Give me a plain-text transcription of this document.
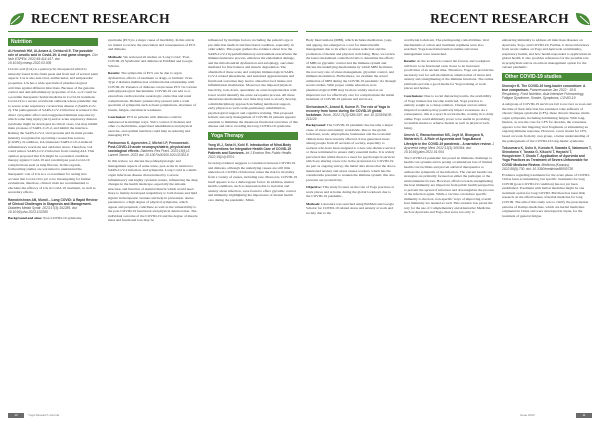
RECENT RESEARCH	RECENT RESEARCH
Nutrition
Al-Hurairah HM, Al-Amara A, Dehkordi E. The possible role of ursolic acid in Covid-19: A real game changer. Clin Nutr ESPEN. 2022;49:414-417. doi: 10.1016/j.clnesp.2022.03.009
Ursolic acid (UA) is a pentacyclic triterpenoid which is naturally found in the fruits peels and from leaf of several plant aspects. UA is also anti-viral, antibacterial, and antiparasitic properties. UA has a wide spectrum of pharmacological activities against different infections. Because of the genome control and anti-inflammatory properties of UA, so it could be a possible therapeutic herbal medicine in Covid-19 treatment. Covid-19 is a severe worldwide outbreak whose pandemic due to severe acute respiratory coronavirus disease 2 (SARS-CoV-2). The pathogenesis of SARS-CoV-2 infection is related to the direct cytopathic effect and exaggerated immune response by which some lung injury (ALI) and/or acute respiratory distress syndrome might be developed in critical cases. UA may inhibit main protease of SARS-CoV-2, and inhibit the interface. Raising the SARS-CoV-2 viral proteins and its main protein intensity recognized in upcoming coronavirus sources (CASEI). In addition, UA attenuates SARS-CoV-2-induced inflammatory reactions and oxidative stress. Therefore, UA could reduce SARS-CoV-2 infection from causing ALI. This opinion proposed that UA might be a potential candidate therapy against Covid-19 and can mitigate post-Covid-19 complications such as lung fibrosis. In this regards, forthcoming studies are warranted to understand the therapeutic role of UA as a co-treatment for testing into account that Covid-19 is yet to be investigating for further evaluations, therefore, clinical trials are recommended to elucidate the efficacy of UA in Covid-19 treatment, as well as secondary effects.
Ramakrishnan AB, Murali... Long COVID: A Rapid Review of Clinical Challenges in Diagnosis and Management. Diabetes Metab Syndr. 2023;17(3):102285. doi: 10.1016/j.dsx.2023.102285
Background and aims: Post-COVID-19 syndrome
syndrome (PCS) is a major cause of morbidity. In this article we intend to review the association and consequences of PCS and diabetes.
Methods: We reviewed all studies on 'Long Covid', 'Post-COVID-19 Syndrome' and diabetes in PubMed and Google Scholar.
Results: The symptoms of PCS can be due to organ dysfunction, effects of treatment or drugs, or intrinsic virus. Type 2 diabetes mellitus has a bidirectional relationship with COVID-19. Presence of diabetes can increase PCS via various pathophysiological mechanisms. COVID-19 can add to or exacerbate cardiovascular, neurologic, endocrine and renal complications. Diabetic patients may present with a wide spectrum of symptoms such as heart palpitations, shortness of breath, fatigue, and muscle weakness.
Conclusion: PCS in patients with diabetes could be understood in multiple ways. Strict control of diabetes and other co-morbidities, supervised rehabilitation and physical exercise, and optimal nutrition could help in reducing and managing PCS.
Pastoureau K, Agovestes J, Michel I-P, Pennaneach. Post-COVID-19 acute neuropsychiatric, physical and sociological effects. Diabetes Res Pract. 2023;19(1):2. Lancet Tanner. 2023 doi: 10.1007/s00100-020-02183-6
In this review, we discuss the pathophysiologic and management aspects of some acute, post-acute in relation to SARS-CoV-2 infection, and symptoms. Long Covid is a multi-organ infectious disease characterised by a severe inflammatory and highly cytokinic nature, influencing the deep changes in the health landscape, especially the amount, structure, and function of skeletal muscle which would need more to mainly developed nonprimary to both tissues and lipid signals in therapeutic avenues and help in prevention. Aware persistent to a high degree of physical symptoms, which appear and perpetual, contribute as well as the vulnerability to the post-COVID-19 functional and physical deterioration. The individual outcome of the COVID-19 and the degree of muscle mass and functional loss may be
influenced by multiple factors, including the patient's age at pre-infection medical and functional condition, especially in older adults. This paper gathers the evidence about how the SARS-CoV-2 hyperinflammatory environment exacerbates the immunoresistance process, enhances the endothelial damage, and the mitochondrial dysfunction and autophagy, outcomes mediated for fine balance and muscle degradation. The aftermath of these acute and complex immunological SARS-CoV-2 related phenomena, and sustained aggressiveness and functional outcomes may lead to abnormal food intake and inflammation modulation. Moreover, the imposed physical inactivity, lock-down, quarantine on acute hospitalisation with lower would intensify the acute sarcopenia process. All these deleterious mechanisms over time may lead to slowly develop a multidisciplinary approach including nutritional support, early physical as well cardio-pulmonary rehabilitation, psychological support and cognitive training. This proposed holistic and early management of COVID-19 patients appears essential to minimise the disastrous functional outcomes of this disease and allow avoiding the long COVID-19 syndrome.
Yoga Therapy
Yang W-J, Saha N, Kohl E. Introduction of Mind-Body Interventions for Integrative Health Care of COVID-19 Patients and Survivors. Int J Environ Res Public Health. 2022;19(14):8701.
Growing evidence suggests a correlation between COVID-19 and diabetes, although the underlying causes are still little understood. COVID-19 infection raises the risk for mortality from a variety of causes, including rare. Moreover, COVID-19 itself appears to be a diabetogenic factor. In addition, mental health conditions, such as depression due to isolation and anxiety about infection, were found to effect glycemic control and immunity, highlighting the importance of mental health care during the pandemic. Mind-
Body Interventions (MBI), which includes meditation, yoga, and qigong, has emerged as a tool for mental health management due to its effect on stress reduction and the promotion of mental and physical well-being. Here, we review the latest randomized controlled trials to determine the effects of MBI on glycemic control and the immune system and discuss the underlying mechanisms by which MBI facilitates the recovery rate of stress management, glycemic control, and immune modulation. Furthermore, we examine the actual utilization of MBI during the COVID-19 pandemic via through recent studies. With proper online education, non-pharmacological MBI may be more widely used as an important tool for effectively care for complications the initial treatment of COVID-19 patients and survivors.
Shrivastava K, Anand B, Kumar R. The role of Yoga in recovery from home during the COVID-19 global lockdown. Work. 2022;71(3):S89-S97. doi: 10.3233/WOR-211129
Background: The COVID-19 pandemic has become a major cause of stress and anxiety worldwide. Due to the global lockdown, work, employment, businesses and the economic climate have been severely affected. It has generated stress among people from all sections of society, especially to workers who have been assigned to a new tele-distance service or those terminated to ensure daily essential items. It is widely perceived that whilst there is a need for psychological services which are sharing a new role in the profession for COVID-19. As part as ongoing survey, the initial data shows that the above mentioned anxiety and stress causes workers, which has the considerable potential to weaken the immune system; this also prevents our productivity.
Objective: This study focuses on the role of Yoga practices at work places and at home during the global lockdown due to the COVID-19 pandemic.
Methods: Literature was searched using PubMed and Google Scholar for COVID-19 related stress and anxiety at work and society due to the
worldwide lockdown. The predisposing comorbidities, vital mechanisms of action and treatment regimens were also searched. Yoga-based intervention studies and stress management were researched.
Results: At the lockdown context but forever and workplace will have to be functional even closer to an increased proclivities of an ancient time. Therefore, Yoga can provide the necessary tool for self-modulation, amelioration of stress and anxiety and strengthening of the immune functions. The online platforms provide a good media for Yoga training at work places and homes.
Conclusions: Due to social distancing norms, the availability of Yoga trainers has become restricted. Yoga practice is entirely sought as a cheap solution. Cheaper and an online imparted workshop may positively impact awareness. As a consequence, this is a sport in social media, coaxing in to daily online Yoga could ultimately prove to be useful in providing accessible means to achieve mental as well as physical well-being.
Umesh C, Ramachandran MS, Joyti M, Bhargava N, Maharishi S. A Role of Ayurveda and Yoga-Based Lifestyle in the COVID-19 pandemic - A narrative review. J Ayurveda Integr Med. 2022;13(1):100364. doi: 10.1016/j.jaim.2021.01.004
The COVID-19 pandemic has posed an immense challenge to health care systems and is posing a tremendous loss of limited health care facilities and proven antiviral therapeutics to address the symptoms of the infection. The current health care strategies are primarily focused on either the pathogen or the environmental factors. However, efforts towards strengthening the host immunity are important from public health perspective to prevent the spread of infection and downregulate the process of the infection again. While a vaccine can induce specific immunity to the host, non-specific ways of improving overall host immunity are needed as well. This scenario has paved the way for the use of Complementary and Alternative Medicine such as Ayurveda and Yoga, that serve not only to
enhancing immunity to address all infectious diseases on Ayurveda, Yoga, and COVID-19. Further, it draws inferences from recent studies on Yoga and Ayurveda on immunity, respiratory health, and how health responded to applications in global health. It also provides references for the possible role in prophylaxis and as an add-on management option for the current pandemic.
Other COVID-19 studies
Diomajer B. The COVID-19 long-hauler conundrum: A true comparison. Parameswaran Jan 2022 · 18:8. Respiratory, Food Nutrition, Asia Intensive Pulmonology, Fatigue Syndrome, Smoke, Symptoms, COVID-19
A subgroup of COVID-19 survivors fail to recover as soon and the time of their infection has extended. Like sufferers of chronic fatigue syndrome (CFS), these chronic disease, multi-organ symptoms, including debilitating fatigue. With long-haulers, as was the case for CFS for decades, the consensus appears to be that lingering viral fragments or stimulating an ongoing immune response. However, a new model for CFS, based on work from my own group, a better understanding of the pathogenesis of the COVID-19 long-hauler syndrome.
Tokuumaru K, Usho K, Kuroda H, Sawada S, Nakamura T, Shinatama Y, Tanaka G, Kikuchi T, Hayashi T, Hoogstraten T, Okada T. Application of Ayurveda and Yoga Practices as Treatment of Severe-Unfavorable for COVID Medicine Review. Medicina (Kaunas). 2022;58(5):730. doi: 10.3390/medicina58050730
Evidence regarding treatments for the acute phase of COVID-19 has been accumulating, but specific treatments for long COVID (post-COVID-19 condition) has not yet been established. Treatment with herbal medicine might be one treatment option for long COVID. But there has been little research on the effectiveness of herbal medicine for long COVID. The aim of this study was to clarify the prescription patterns of Kampo medicines, which are herbal medicines originated in China and were developed in Japan, for the treatment of general fatigue
10	Yoga Research Journal	Issue 2023	11
